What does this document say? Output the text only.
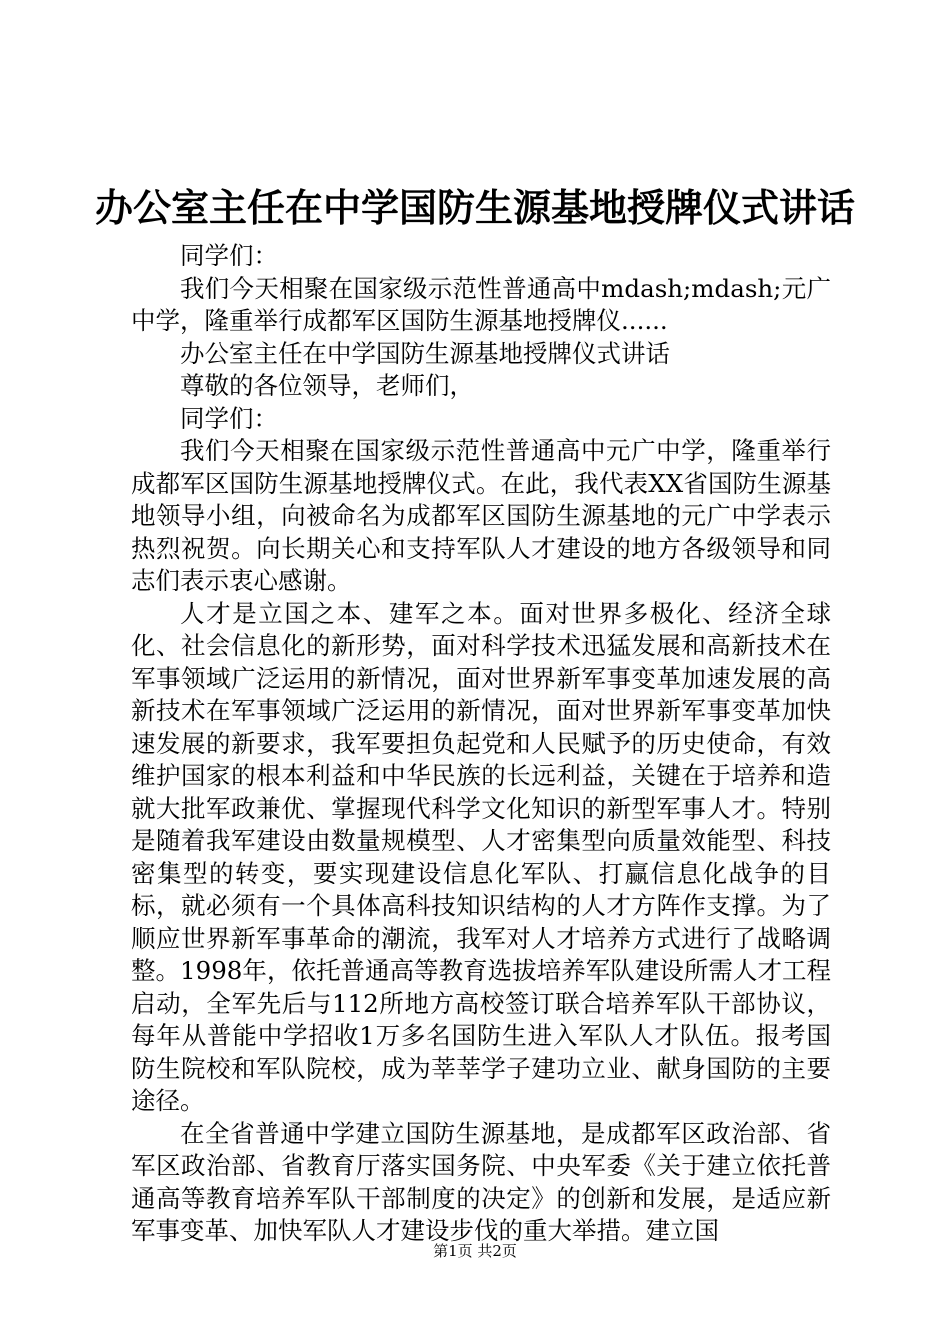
办公室主任在中学国防生源基地授牌仪式讲话

同学们：

我们今天相聚在国家级示范性普通高中mdash;mdash;元广中学，隆重举行成都军区国防生源基地授牌仪......

办公室主任在中学国防生源基地授牌仪式讲话

尊敬的各位领导，老师们，

同学们：

我们今天相聚在国家级示范性普通高中元广中学，隆重举行成都军区国防生源基地授牌仪式。在此，我代表XX省国防生源基地领导小组，向被命名为成都军区国防生源基地的元广中学表示热烈祝贺。向长期关心和支持军队人才建设的地方各级领导和同志们表示衷心感谢。

人才是立国之本、建军之本。面对世界多极化、经济全球化、社会信息化的新形势，面对科学技术迅猛发展和高新技术在军事领域广泛运用的新情况，面对世界新军事变革加速发展的高新技术在军事领域广泛运用的新情况，面对世界新军事变革加快速发展的新要求，我军要担负起党和人民赋予的历史使命，有效维护国家的根本利益和中华民族的长远利益，关键在于培养和造就大批军政兼优、掌握现代科学文化知识的新型军事人才。特别是随着我军建设由数量规模型、人才密集型向质量效能型、科技密集型的转变，要实现建设信息化军队、打赢信息化战争的目标，就必须有一个具体高科技知识结构的人才方阵作支撑。为了顺应世界新军事革命的潮流，我军对人才培养方式进行了战略调整。1998年，依托普通高等教育选拔培养军队建设所需人才工程启动，全军先后与112所地方高校签订联合培养军队干部协议，每年从普能中学招收1万多名国防生进入军队人才队伍。报考国防生院校和军队院校，成为莘莘学子建功立业、献身国防的主要途径。

在全省普通中学建立国防生源基地，是成都军区政治部、省军区政治部、省教育厅落实国务院、中央军委《关于建立依托普通高等教育培养军队干部制度的决定》的创新和发展，是适应新军事变革、加快军队人才建设步伐的重大举措。建立国

第1页 共2页
